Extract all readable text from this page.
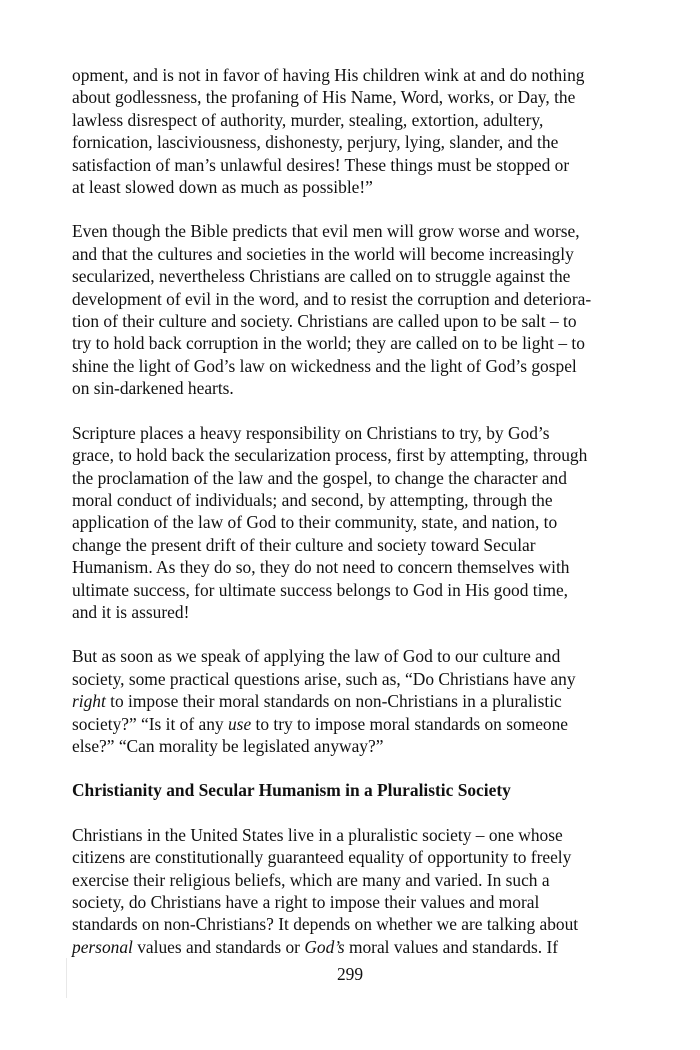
opment, and is not in favor of having His children wink at and do nothing
about godlessness, the profaning of His Name, Word, works, or Day, the
lawless disrespect of authority, murder, stealing, extortion, adultery,
fornication, lasciviousness, dishonesty, perjury, lying, slander, and the
satisfaction of man’s unlawful desires! These things must be stopped or
at least slowed down as much as possible!”

Even though the Bible predicts that evil men will grow worse and worse,
and that the cultures and societies in the world will become increasingly
secularized, nevertheless Christians are called on to struggle against the
development of evil in the word, and to resist the corruption and deteriora-
tion of their culture and society. Christians are called upon to be salt – to
try to hold back corruption in the world; they are called on to be light – to
shine the light of God’s law on wickedness and the light of God’s gospel
on sin-darkened hearts.

Scripture places a heavy responsibility on Christians to try, by God’s
grace, to hold back the secularization process, first by attempting, through
the proclamation of the law and the gospel, to change the character and
moral conduct of individuals; and second, by attempting, through the
application of the law of God to their community, state, and nation, to
change the present drift of their culture and society toward Secular
Humanism. As they do so, they do not need to concern themselves with
ultimate success, for ultimate success belongs to God in His good time,
and it is assured!

But as soon as we speak of applying the law of God to our culture and
society, some practical questions arise, such as, “Do Christians have any
right to impose their moral standards on non-Christians in a pluralistic
society?” “Is it of any use to try to impose moral standards on someone
else?” “Can morality be legislated anyway?”

Christianity and Secular Humanism in a Pluralistic Society

Christians in the United States live in a pluralistic society – one whose
citizens are constitutionally guaranteed equality of opportunity to freely
exercise their religious beliefs, which are many and varied. In such a
society, do Christians have a right to impose their values and moral
standards on non-Christians? It depends on whether we are talking about
personal values and standards or God’s moral values and standards. If

299
